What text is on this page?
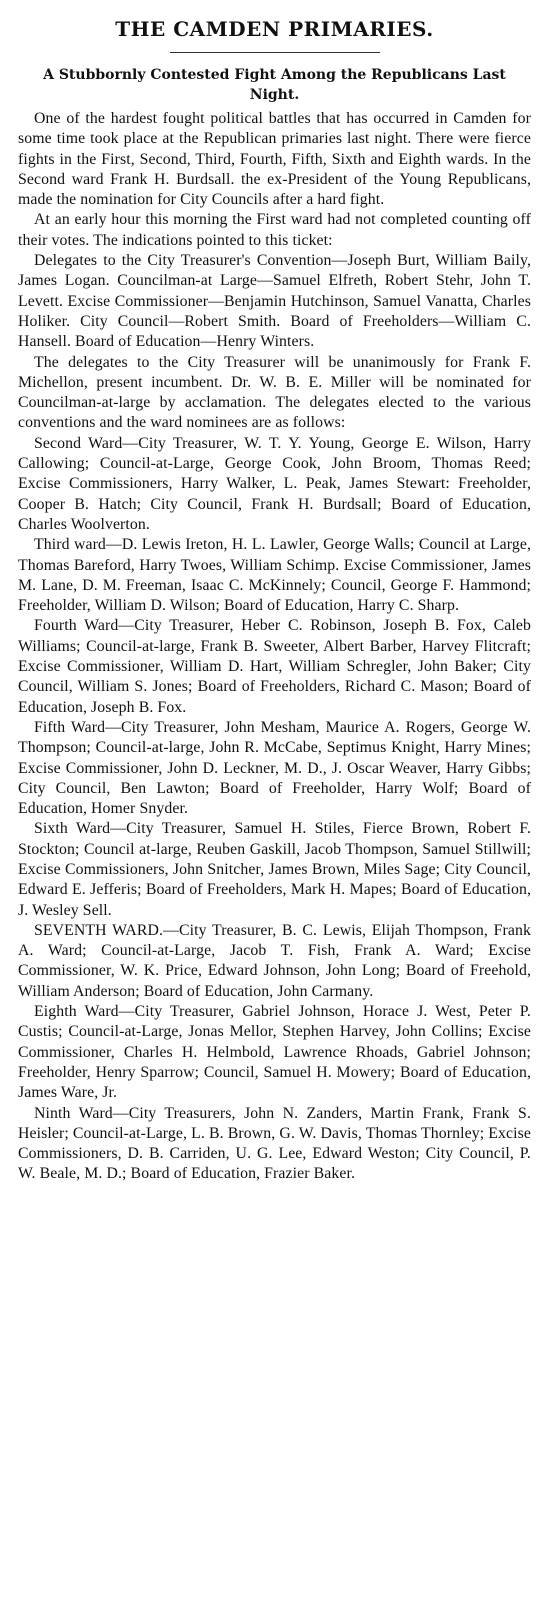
THE CAMDEN PRIMARIES.
A Stubbornly Contested Fight Among the Republicans Last Night.

One of the hardest fought political battles that has occurred in Camden for some time took place at the Republican primaries last night. There were fierce fights in the First, Second, Third, Fourth, Fifth, Sixth and Eighth wards. In the Second ward Frank H. Burdsall. the ex-President of the Young Republicans, made the nomination for City Councils after a hard fight.

At an early hour this morning the First ward had not completed counting off their votes. The indications pointed to this ticket:

Delegates to the City Treasurer's Convention—Joseph Burt, William Baily, James Logan. Councilman-at Large—Samuel Elfreth, Robert Stehr, John T. Levett. Excise Commissioner—Benjamin Hutchinson, Samuel Vanatta, Charles Holiker. City Council—Robert Smith. Board of Freeholders—William C. Hansell. Board of Education—Henry Winters.

The delegates to the City Treasurer will be unanimously for Frank F. Michellon, present incumbent. Dr. W. B. E. Miller will be nominated for Councilman-at-large by acclamation. The delegates elected to the various conventions and the ward nominees are as follows:

Second Ward—City Treasurer, W. T. Y. Young, George E. Wilson, Harry Callowing; Council-at-Large, George Cook, John Broom, Thomas Reed; Excise Commissioners, Harry Walker, L. Peak, James Stewart: Freeholder, Cooper B. Hatch; City Council, Frank H. Burdsall; Board of Education, Charles Woolverton.

Third ward—D. Lewis Ireton, H. L. Lawler, George Walls; Council at Large, Thomas Bareford, Harry Twoes, William Schimp. Excise Commissioner, James M. Lane, D. M. Freeman, Isaac C. McKinnely; Council, George F. Hammond; Freeholder, William D. Wilson; Board of Education, Harry C. Sharp.

Fourth Ward—City Treasurer, Heber C. Robinson, Joseph B. Fox, Caleb Williams; Council-at-large, Frank B. Sweeter, Albert Barber, Harvey Flitcraft; Excise Commissioner, William D. Hart, William Schregler, John Baker; City Council, William S. Jones; Board of Freeholders, Richard C. Mason; Board of Education, Joseph B. Fox.

Fifth Ward—City Treasurer, John Mesham, Maurice A. Rogers, George W. Thompson; Council-at-large, John R. McCabe, Septimus Knight, Harry Mines; Excise Commissioner, John D. Leckner, M. D., J. Oscar Weaver, Harry Gibbs; City Council, Ben Lawton; Board of Freeholder, Harry Wolf; Board of Education, Homer Snyder.

Sixth Ward—City Treasurer, Samuel H. Stiles, Fierce Brown, Robert F. Stockton; Council at-large, Reuben Gaskill, Jacob Thompson, Samuel Stillwill; Excise Commissioners, John Snitcher, James Brown, Miles Sage; City Council, Edward E. Jefferis; Board of Freeholders, Mark H. Mapes; Board of Education, J. Wesley Sell.

SEVENTH WARD.—City Treasurer, B. C. Lewis, Elijah Thompson, Frank A. Ward; Council-at-Large, Jacob T. Fish, Frank A. Ward; Excise Commissioner, W. K. Price, Edward Johnson, John Long; Board of Freehold, William Anderson; Board of Education, John Carmany.

Eighth Ward—City Treasurer, Gabriel Johnson, Horace J. West, Peter P. Custis; Council-at-Large, Jonas Mellor, Stephen Harvey, John Collins; Excise Commissioner, Charles H. Helmbold, Lawrence Rhoads, Gabriel Johnson; Freeholder, Henry Sparrow; Council, Samuel H. Mowery; Board of Education, James Ware, Jr.

Ninth Ward—City Treasurers, John N. Zanders, Martin Frank, Frank S. Heisler; Council-at-Large, L. B. Brown, G. W. Davis, Thomas Thornley; Excise Commissioners, D. B. Carriden, U. G. Lee, Edward Weston; City Council, P. W. Beale, M. D.; Board of Education, Frazier Baker.
